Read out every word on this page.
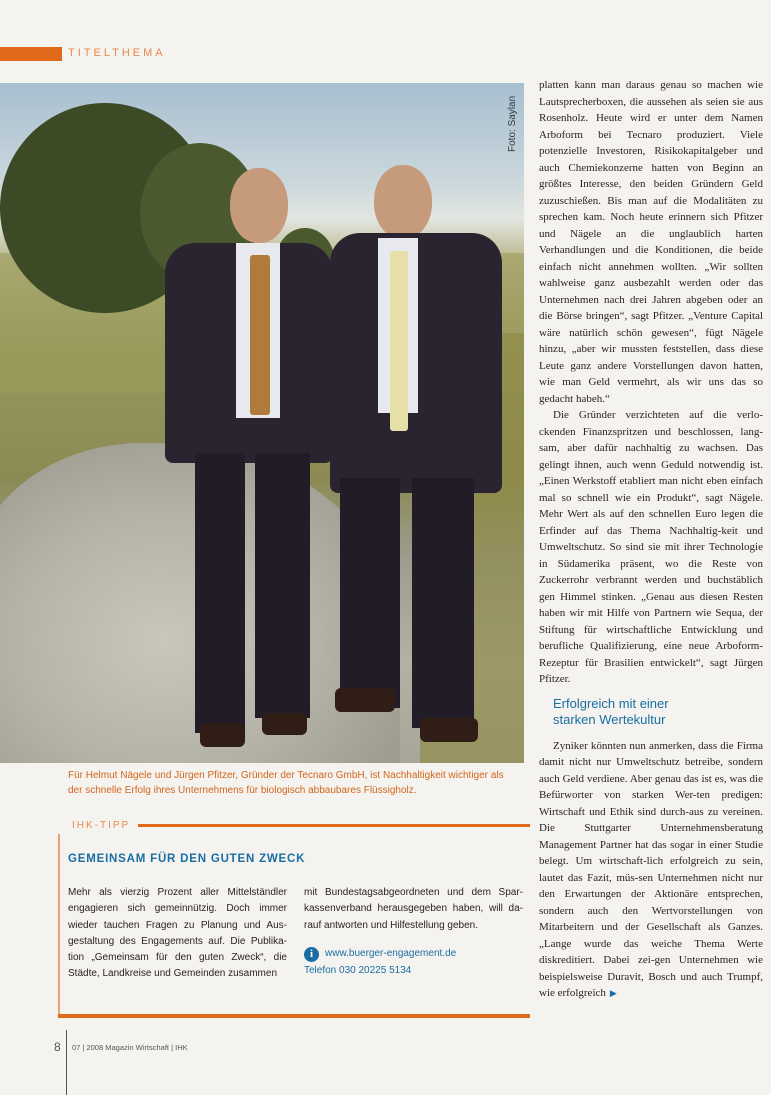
TITELTHEMA
Foto: Saylan
Für Helmut Nägele und Jürgen Pfitzer, Gründer der Tecnaro GmbH, ist Nachhaltigkeit wichtiger als der schnelle Erfolg ihres Unternehmens für biologisch abbaubares Flüssigholz.

platten kann man daraus genau so machen wie Lautsprecherboxen, die aussehen als seien sie aus Rosenholz. Heute wird er unter dem Namen Arboform bei Tecnaro produziert. Viele potenzielle Investoren, Risikokapitalgeber und auch Chemiekonzerne hatten von Beginn an größtes Interesse, den beiden Gründern Geld zuzuschießen. Bis man auf die Modalitäten zu sprechen kam. Noch heute erinnern sich Pfitzer und Nägele an die unglaublich harten Verhandlungen und die Konditionen, die beide einfach nicht annehmen wollten. „Wir sollten wahlweise ganz ausbezahlt werden oder das Unternehmen nach drei Jahren abgeben oder an die Börse bringen“, sagt Pfitzer. „Venture Capital wäre natürlich schön gewesen“, fügt Nägele hinzu, „aber wir mussten feststellen, dass diese Leute ganz andere Vorstellungen davon hatten, wie man Geld vermehrt, als wir uns das so gedacht habeh.“

Die Gründer verzichteten auf die verlo-ckenden Finanzspritzen und beschlossen, lang-sam, aber dafür nachhaltig zu wachsen. Das gelingt ihnen, auch wenn Geduld notwendig ist. „Einen Werkstoff etabliert man nicht eben einfach mal so schnell wie ein Produkt“, sagt Nägele. Mehr Wert als auf den schnellen Euro legen die Erfinder auf das Thema Nachhaltig-keit und Umweltschutz. So sind sie mit ihrer Technologie in Südamerika präsent, wo die Reste von Zuckerrohr verbrannt werden und buchstäblich gen Himmel stinken. „Genau aus diesen Resten haben wir mit Hilfe von Partnern wie Sequa, der Stiftung für wirtschaftliche Entwicklung und berufliche Qualifizierung, eine neue Arboform-Rezeptur für Brasilien entwickelt“, sagt Jürgen Pfitzer.

Erfolgreich mit einer
starken Wertekultur

Zyniker könnten nun anmerken, dass die Firma damit nicht nur Umweltschutz betreibe, sondern auch Geld verdiene. Aber genau das ist es, was die Befürworter von starken Wer-ten predigen: Wirtschaft und Ethik sind durch-aus zu vereinen. Die Stuttgarter Unternehmensberatung Management Partner hat das sogar in einer Studie belegt. Um wirtschaft-lich erfolgreich zu sein, lautet das Fazit, müs-sen Unternehmen nicht nur den Erwartungen der Aktionäre entsprechen, sondern auch den Wertvorstellungen von Mitarbeitern und der Gesellschaft als Ganzes. „Lange wurde das weiche Thema Werte diskreditiert. Dabei zei-gen Unternehmen wie beispielsweise Duravit, Bosch und auch Trumpf, wie erfolgreich ▶

IHK-TIPP
GEMEINSAM FÜR DEN GUTEN ZWECK

Mehr als vierzig Prozent aller Mittelständler engagieren sich gemeinnützig. Doch immer wieder tauchen Fragen zu Planung und Aus-gestaltung des Engagements auf. Die Publika-tion „Gemeinsam für den guten Zweck“, die Städte, Landkreise und Gemeinden zusammen

mit Bundestagsabgeordneten und dem Spar-kassenverband herausgegeben haben, will da-rauf antworten und Hilfestellung geben.

i	www.buerger-engagement.de
Telefon 030 20225 5134
8 07 | 2008 Magazin Wirtschaft | IHK
